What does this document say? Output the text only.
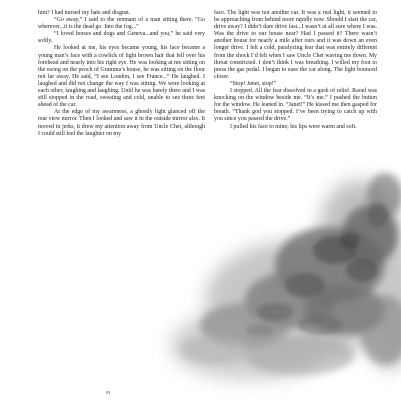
him? I had nursed my hate and disgust.

“Go away,” I said to the remnant of a man sitting there. “Go wherever...it is the dead go. Into the fog...”

“I loved horses and dogs and Geneva...and you,” he said very softly.

He looked at me, his eyes became young, his face became a young man’s face with a cowlick of light brown hair that fell over his forehead and nearly into his right eye. He was looking at me sitting on the swing on the peoch of Gramma’s house, he was sitting on the floor not far away. He said, “I see London, I see France...” He laughed. I laughed and did not change the way I was sitting. We were looking at each other, laughing and laughing. Until he was barely there and I was still stopped in the road, sweating and cold, unable to see three feet ahead of the car.

At the edge of my awareness, a ghostly light glanced off the rear view mirror. Then I looked and saw it in the outside mirror also. It moved in jerks, it drew my attention away from Uncle Chet, although I could still feel the laughter on my

face. The light was not another car. It was a real light, it seemed to be approaching from behind more rapidly now. Should I start the car, drive away? I didn’t dare drive fast...I wasn’t at all sure where I was. Was the drive to our house near? Had I passed it? There wasn’t another house for nearly a mile after ours and it was down an even longer drive. I felt a cold, paralyzing fear that was entirely different from the shock I’d felt when I saw Uncle Chet waving me down. My throat constricted. I don’t think I was breathing. I willed my foot to press the gas pedal. I began to ease the car along. The light bounced closer.

“Stop! Janet, stop!”

I stopped. All the fear dissolved in a gush of relief. Raoul was knocking on the window beside me. “It’s me.” I pushed the button for the window. He leaned in. “Janet!” He kissed me then gasped for breath. “Thank god you stopped. I’ve been trying to catch up with you since you passed the drive.”

I pulled his face to mine; his lips were warm and soft.

91
